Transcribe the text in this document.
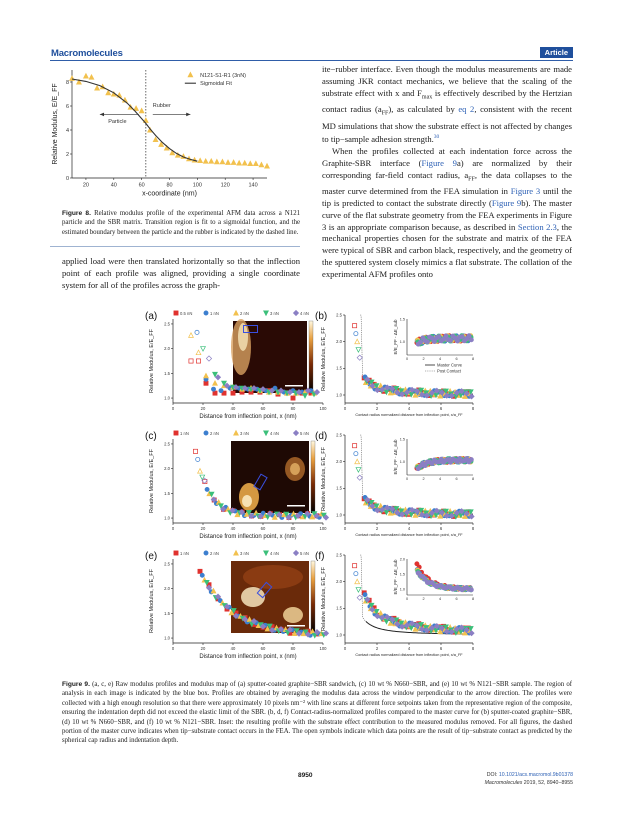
Macromolecules	Article
20	40	60	80	100	120	140
0
2
4
6
8
x-coordinate (nm)
Relative Modulus, E/E_FF	Particle
Rubber
N121-S1-R1 (3nN)
Sigmoidal Fit
Figure 8. Relative modulus profile of the experimental AFM data across a N121 particle and the SBR matrix. Transition region is fit to a sigmoidal function, and the estimated boundary between the particle and the rubber is indicated by the dashed line.

applied load were then translated horizontally so that the inflection point of each profile was aligned, providing a single coordinate system for all of the profiles across the graph-

ite−rubber interface. Even though the modulus measurements are made assuming JKR contact mechanics, we believe that the scaling of the substrate effect with x and $F_{max}$ is effectively described by the Hertzian contact radius $(a_{FF})$, as calculated by eq 2, consistent with the recent MD simulations that show the substrate effect is not affected by changes to tip−sample adhesion strength.$^{30}$

When the profiles collected at each indentation force across the Graphite-SBR interface (Figure 9a) are normalized by their corresponding far-field contact radius, $a_{FF}$, the data collapses to the master curve determined from the FEA simulation in Figure 3 until the tip is predicted to contact the substrate directly (Figure 9b). The master curve of the flat substrate geometry from the FEA experiments in Figure 3 is an appropriate comparison because, as described in Section 2.3, the mechanical properties chosen for the substrate and matrix of the FEA were typical of SBR and carbon black, respectively, and the geometry of the sputtered system closely mimics a flat substrate. The collation of the experimental AFM profiles onto

0	20	40	60	80	100
1.0
1.5
2.0
2.5
Distance from inflection point, x (nm)
Relative Modulus, E/E_FF
(a)	0.5 nN	1 nN	2 nN	3 nN	4 nN
0	2	4	6	8
1.0
1.5
2.0
2.5
Contact radius normalized distance from inflection point, x/a_FF
Relative Modulus, E/E_FF
(b)
0	2	4	6	8
1.0
1.5
E/E_FF - ΔE_sub
Master Curve
Post Contact
0	20	40	60	80	100
1.0
1.5
2.0
2.5
Distance from inflection point, x (nm)
Relative Modulus, E/E_FF
(c)	1 nN	2 nN	3 nN	4 nN	5 nN
0	2	4	6	8
1.0
1.5
2.0
2.5
Contact radius normalized distance from inflection point, x/a_FF
Relative Modulus, E/E_FF
(d)
0	2	4	6	8
1.0
1.5
E/E_FF - ΔE_sub
0	20	40	60	80	100
1.0
1.5
2.0
2.5
Distance from inflection point, x (nm)
Relative Modulus, E/E_FF
(e)	1 nN	2 nN	3 nN	4 nN	5 nN
0	2	4	6	8
1.0
1.5
2.0
2.5
Contact radius normalized distance from inflection point, x/a_FF
Relative Modulus, E/E_FF
(f)
0	2	4	6	8
1.0
1.5
2.0
E/E_FF - ΔE_sub
Figure 9. (a, c, e) Raw modulus profiles and modulus map of (a) sputter-coated graphite−SBR sandwich, (c) 10 wt % N660−SBR, and (e) 10 wt % N121−SBR sample. The region of analysis in each image is indicated by the blue box. Profiles are obtained by averaging the modulus data across the window perpendicular to the arrow direction. The profiles were collected with a high enough resolution so that there were approximately 10 pixels nm⁻² with line scans at different force setpoints taken from the representative region of the composite, ensuring the indentation depth did not exceed the elastic limit of the SBR. (b, d, f) Contact-radius-normalized profiles compared to the master curve for (b) sputter-coated graphite−SBR, (d) 10 wt % N660−SBR, and (f) 10 wt % N121−SBR. Inset: the resulting profile with the substrate effect contribution to the measured modulus removed. For all figures, the dashed portion of the master curve indicates when tip−substrate contact occurs in the FEA. The open symbols indicate which data points are the result of tip−substrate contact as predicted by the spherical cap radius and indentation depth.
8950	DOI: 10.1021/acs.macromol.9b01378
Macromolecules 2019, 52, 8940−8955
